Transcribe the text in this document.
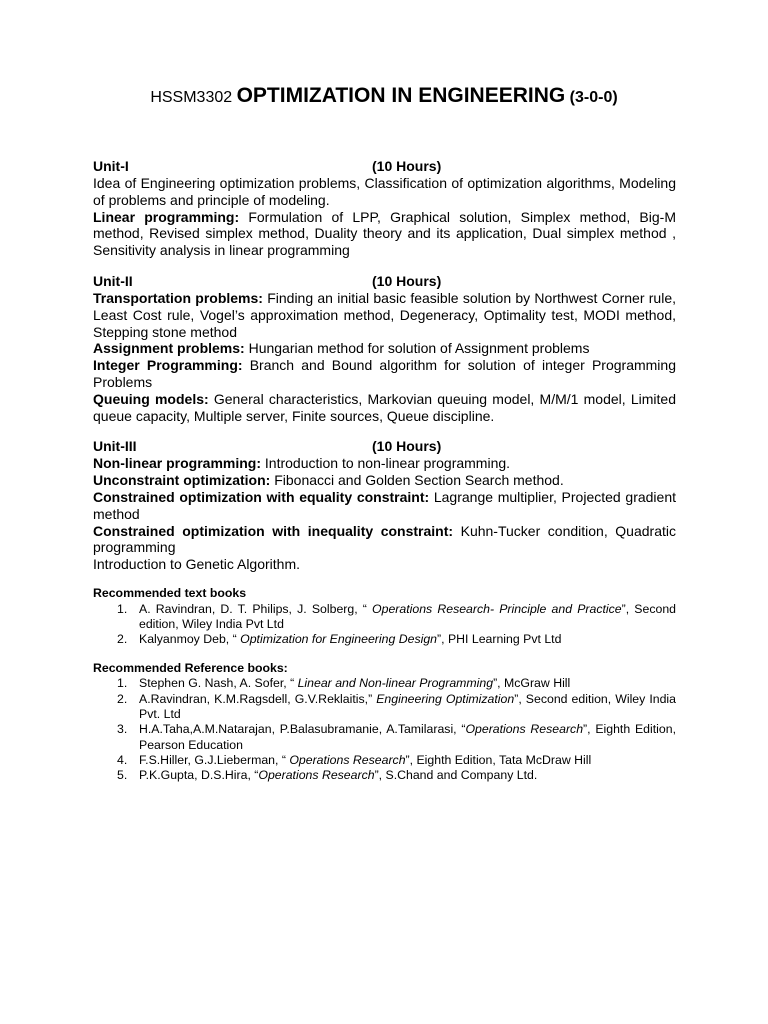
HSSM3302 OPTIMIZATION IN ENGINEERING (3-0-0)
Unit-I	(10 Hours)

Idea of Engineering optimization problems, Classification of optimization algorithms, Modeling of problems and principle of modeling.

Linear programming: Formulation of LPP, Graphical solution, Simplex method, Big-M method, Revised simplex method, Duality theory and its application, Dual simplex method , Sensitivity analysis in linear programming

Unit-II	(10 Hours)

Transportation problems: Finding an initial basic feasible solution by Northwest Corner rule, Least Cost rule, Vogel’s approximation method, Degeneracy, Optimality test, MODI method, Stepping stone method

Assignment problems: Hungarian method for solution of Assignment problems

Integer Programming: Branch and Bound algorithm for solution of integer Programming Problems

Queuing models: General characteristics, Markovian queuing model, M/M/1 model, Limited queue capacity, Multiple server, Finite sources, Queue discipline.

Unit-III	(10 Hours)

Non-linear programming: Introduction to non-linear programming.

Unconstraint optimization: Fibonacci and Golden Section Search method.

Constrained optimization with equality constraint: Lagrange multiplier, Projected gradient method

Constrained optimization with inequality constraint: Kuhn-Tucker condition, Quadratic programming

Introduction to Genetic Algorithm.

Recommended text books
1. A. Ravindran, D. T. Philips, J. Solberg, “ Operations Research- Principle and Practice”, Second edition, Wiley India Pvt Ltd
2. Kalyanmoy Deb, “ Optimization for Engineering Design”, PHI Learning Pvt Ltd
Recommended Reference books:
1. Stephen G. Nash, A. Sofer, “ Linear and Non-linear Programming”, McGraw Hill
2. A.Ravindran, K.M.Ragsdell, G.V.Reklaitis,” Engineering Optimization”, Second edition, Wiley India Pvt. Ltd
3. H.A.Taha,A.M.Natarajan, P.Balasubramanie, A.Tamilarasi, “Operations Research”, Eighth Edition, Pearson Education
4. F.S.Hiller, G.J.Lieberman, “ Operations Research”, Eighth Edition, Tata McDraw Hill
5. P.K.Gupta, D.S.Hira, “Operations Research”, S.Chand and Company Ltd.
